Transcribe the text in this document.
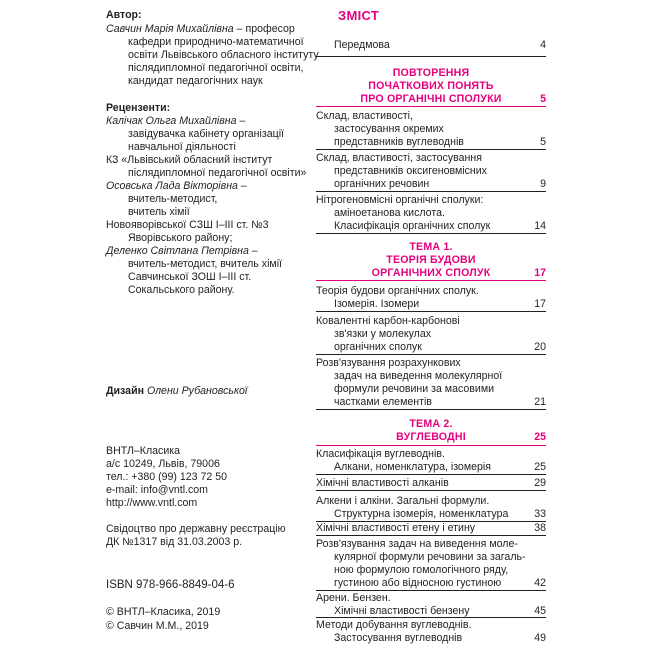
Автор:
Савчин Марія Михайлівна – професор
кафедри природничо-математичної
освіти Львівського обласного інституту
післядипломної педагогічної освіти,
кандидат педагогічних наук
Рецензенти:
Калічак Ольга Михайлівна –
завідувачка кабінету організації
навчальної діяльності
КЗ «Львівський обласний інститут
післядипломної педагогічної освіти»
Осовська Лада Вікторівна –
вчитель-методист,
вчитель хімії
Новояворівської СЗШ І–ІІІ ст. №3
Яворівського району;
Деленко Світлана Петрівна –
вчитель-методист, вчитель хімії
Савчинської ЗОШ І–ІІІ ст.
Сокальського району.
Дизайн Олени Рубановської
ВНТЛ–Класика
а/с 10249, Львів, 79006
тел.: +380 (99) 123 72 50
e-mail: info@vntl.com
http://www.vntl.com
Свідоцтво про державну реєстрацію
ДК №1317 від 31.03.2003 р.
ISBN 978-966-8849-04-6
© ВНТЛ–Класика, 2019
© Савчин М.М., 2019
ЗМІСТ
Передмова	4
ПОВТОРЕННЯ
ПОЧАТКОВИХ ПОНЯТЬ
ПРО ОРГАНІЧНІ СПОЛУКИ	5
Склад, властивості,
застосування окремих
представників вуглеводнів	5
Склад, властивості, застосування
представників оксигеновмісних
органічних речовин	9
Нітрогеновмісні органічні сполуки:
аміноетанова кислота.
Класифікація органічних сполук	14
ТЕМА 1.
ТЕОРІЯ БУДОВИ
ОРГАНІЧНИХ СПОЛУК	17
Теорія будови органічних сполук.
Ізомерія. Ізомери	17
Ковалентні карбон-карбонові
зв'язки у молекулах
органічних сполук	20
Розв'язування розрахункових
задач на виведення молекулярної
формули речовини за масовими
частками елементів	21
ТЕМА 2.
ВУГЛЕВОДНІ	25
Класифікація вуглеводнів.
Алкани, номенклатура, ізомерія	25
Хімічні властивості алканів	29
Алкени і алкіни. Загальні формули.
Структурна ізомерія, номенклатура 33
Хімічні властивості етену і етину	38
Розв'язування задач на виведення моле-
кулярної формули речовини за загаль-
ною формулою гомологічного ряду,
густиною або відносною густиною	42
Арени. Бензен.
Хімічні властивості бензену	45
Методи добування вуглеводнів.
Застосування вуглеводнів	49
